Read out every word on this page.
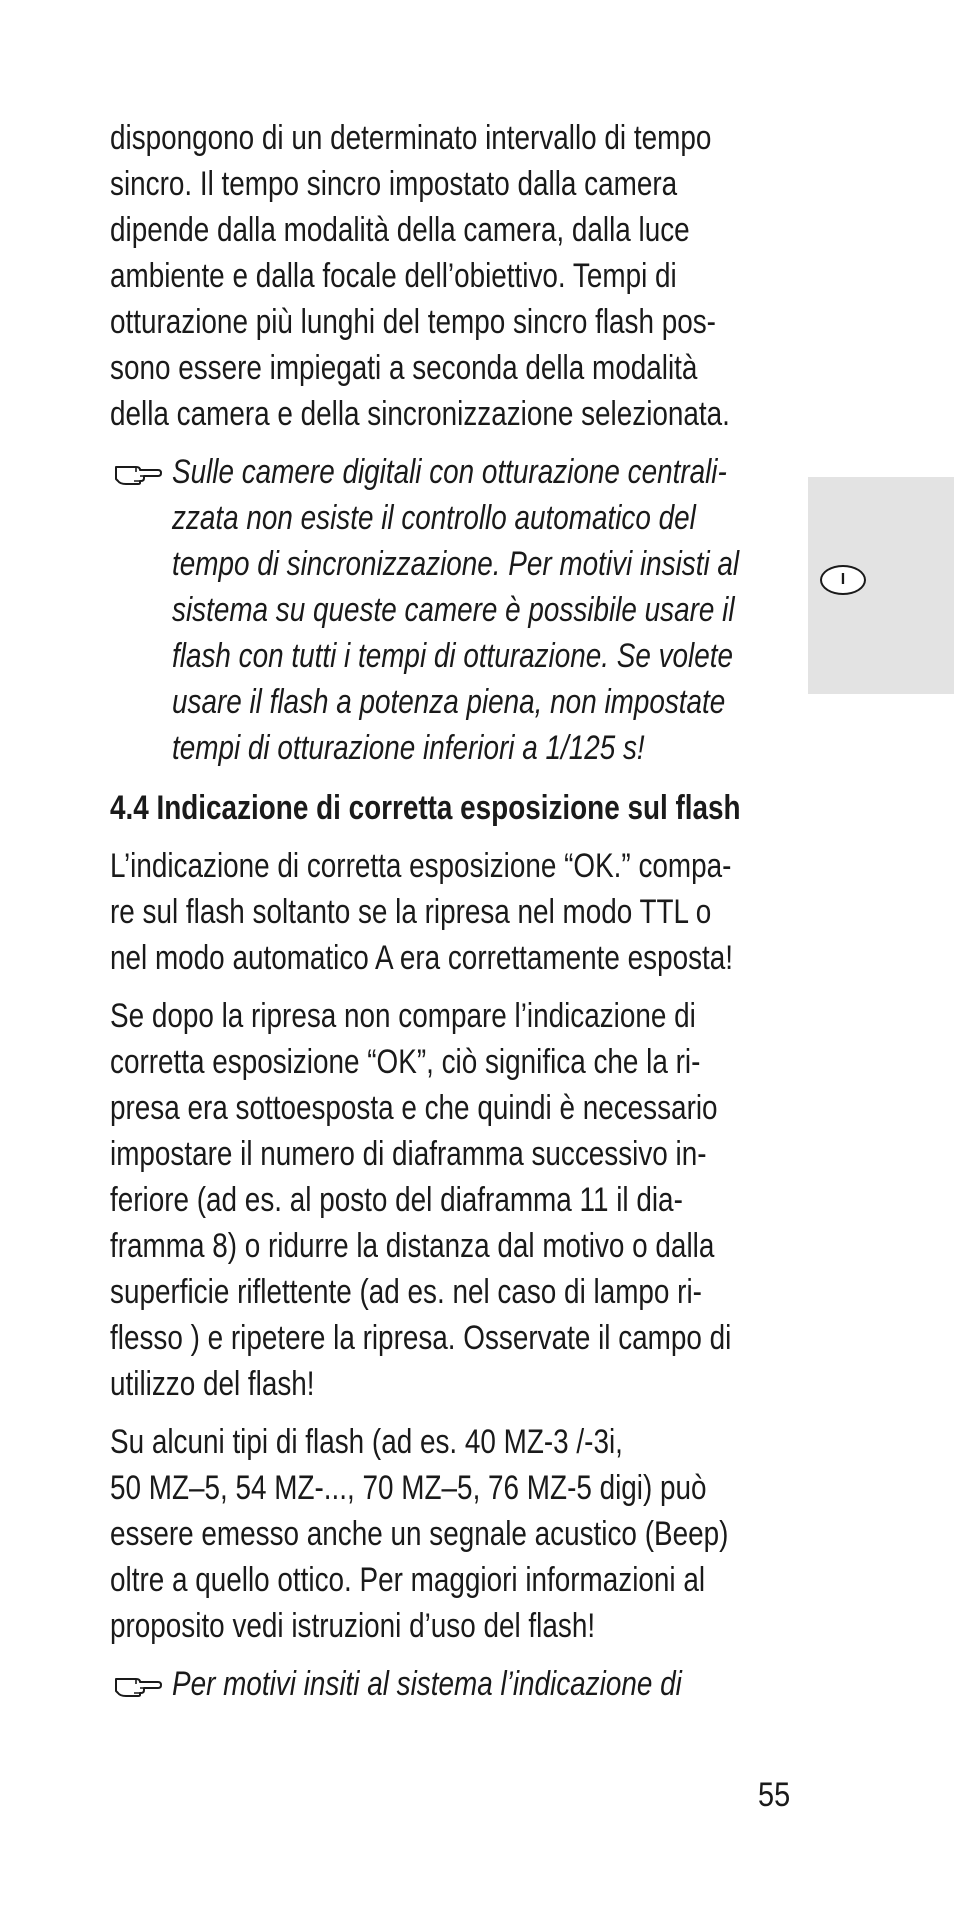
dispongono di un determinato intervallo di tempo
sincro. Il tempo sincro impostato dalla camera
dipende dalla modalità della camera, dalla luce
ambiente e dalla focale dell’obiettivo. Tempi di
otturazione più lunghi del tempo sincro flash pos-
sono essere impiegati a seconda della modalità
della camera e della sincronizzazione selezionata.

Sulle camere digitali con otturazione centrali-
zzata non esiste il controllo automatico del
tempo di sincronizzazione. Per motivi insisti al
sistema su queste camere è possibile usare il
flash con tutti i tempi di otturazione. Se volete
usare il flash a potenza piena, non impostate
tempi di otturazione inferiori a 1/125 s!
4.4 Indicazione di corretta esposizione sul flash

L’indicazione di corretta esposizione “OK.” compa-
re sul flash soltanto se la ripresa nel modo TTL o
nel modo automatico A era correttamente esposta!

Se dopo la ripresa non compare l’indicazione di
corretta esposizione “OK”, ciò significa che la ri-
presa era sottoesposta e che quindi è necessario
impostare il numero di diaframma successivo in-
feriore (ad es. al posto del diaframma 11 il dia-
framma 8) o ridurre la distanza dal motivo o dalla
superficie riflettente (ad es. nel caso di lampo ri-
flesso ) e ripetere la ripresa. Osservate il campo di
utilizzo del flash!

Su alcuni tipi di flash (ad es. 40 MZ-3 /-3i,
50 MZ–5, 54 MZ-..., 70 MZ–5, 76 MZ-5 digi) può
essere emesso anche un segnale acustico (Beep)
oltre a quello ottico. Per maggiori informazioni al
proposito vedi istruzioni d’uso del flash!

Per motivi insiti al sistema l’indicazione di
I
55
